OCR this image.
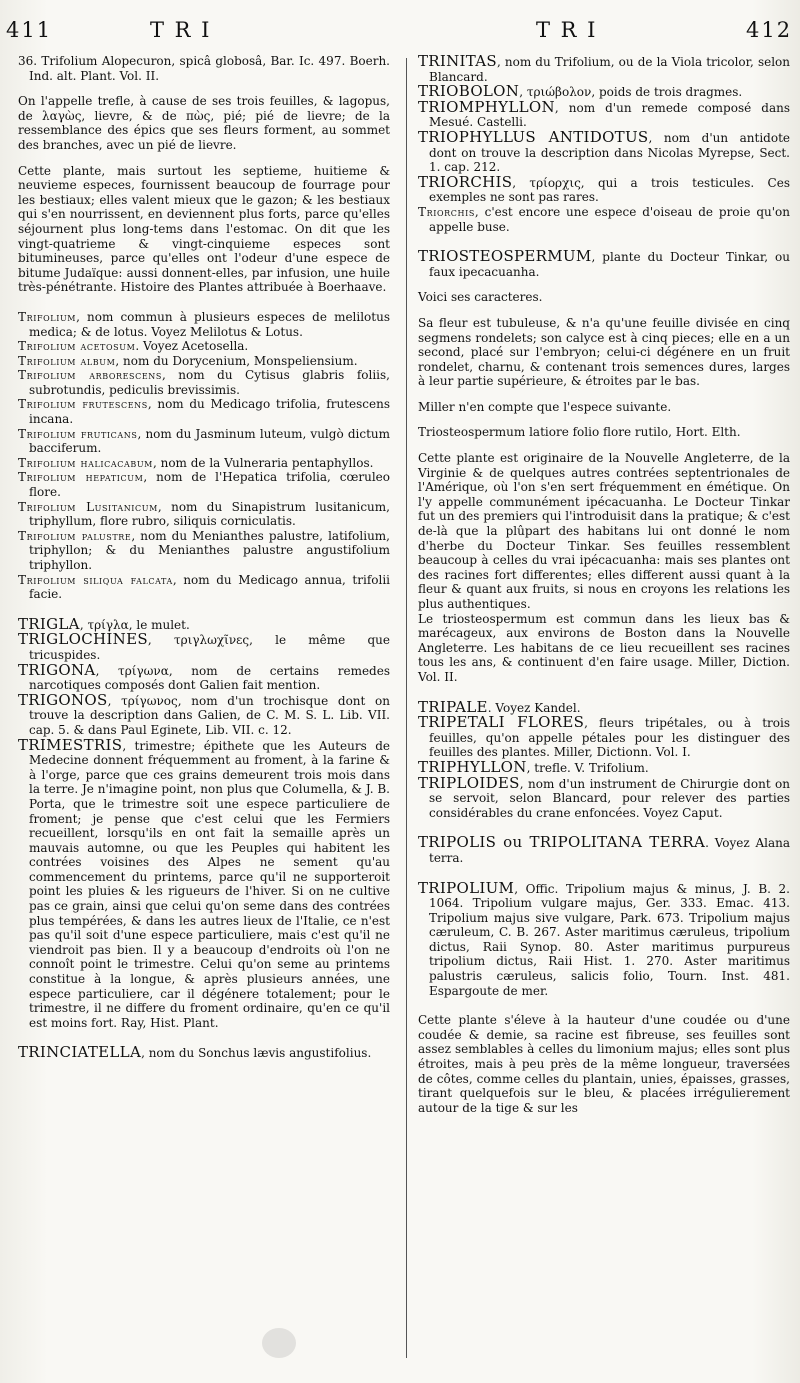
411	T R I	T R I	412

36. Trifolium Alopecuron, spicâ globosâ, Bar. Ic. 497. Boerh. Ind. alt. Plant. Vol. II.

On l'appelle trefle, à cause de ses trois feuilles, & lagopus, de λαγὼς, lievre, & de πὼς, pié; pié de lievre; de la ressemblance des épics que ses fleurs forment, au sommet des branches, avec un pié de lievre.

Cette plante, mais surtout les septieme, huitieme & neuvieme especes, fournissent beaucoup de fourrage pour les bestiaux; elles valent mieux que le gazon; & les bestiaux qui s'en nourrissent, en deviennent plus forts, parce qu'elles séjournent plus long-tems dans l'estomac. On dit que les vingt-quatrieme & vingt-cinquieme especes sont bitumineuses, parce qu'elles ont l'odeur d'une espece de bitume Judaïque: aussi donnent-elles, par infusion, une huile très-pénétrante. Histoire des Plantes attribuée à Boerhaave.

Trifolium, nom commun à plusieurs especes de melilotus medica; & de lotus. Voyez Melilotus & Lotus.

Trifolium acetosum. Voyez Acetosella.

Trifolium album, nom du Dorycenium, Monspeliensium.

Trifolium arborescens, nom du Cytisus glabris foliis, subrotundis, pediculis brevissimis.

Trifolium frutescens, nom du Medicago trifolia, frutescens incana.

Trifolium fruticans, nom du Jasminum luteum, vulgò dictum bacciferum.

Trifolium halicacabum, nom de la Vulneraria pentaphyllos.

Trifolium hepaticum, nom de l'Hepatica trifolia, cœruleo flore.

Trifolium Lusitanicum, nom du Sinapistrum lusitanicum, triphyllum, flore rubro, siliquis corniculatis.

Trifolium palustre, nom du Menianthes palustre, latifolium, triphyllon; & du Menianthes palustre angustifolium triphyllon.

Trifolium siliqua falcata, nom du Medicago annua, trifolii facie.

TRIGLA, τρίγλα, le mulet.

TRIGLOCHINES, τριγλωχῖνες, le même que tricuspides.

TRIGONA, τρίγωνα, nom de certains remedes narcotiques composés dont Galien fait mention.

TRIGONOS, τρίγωνος, nom d'un trochisque dont on trouve la description dans Galien, de C. M. S. L. Lib. VII. cap. 5. & dans Paul Eginete, Lib. VII. c. 12.

TRIMESTRIS, trimestre; épithete que les Auteurs de Medecine donnent fréquemment au froment, à la farine & à l'orge, parce que ces grains demeurent trois mois dans la terre. Je n'imagine point, non plus que Columella, & J. B. Porta, que le trimestre soit une espece particuliere de froment; je pense que c'est celui que les Fermiers recueillent, lorsqu'ils en ont fait la semaille après un mauvais automne, ou que les Peuples qui habitent les contrées voisines des Alpes ne sement qu'au commencement du printems, parce qu'il ne supporteroit point les pluies & les rigueurs de l'hiver. Si on ne cultive pas ce grain, ainsi que celui qu'on seme dans des contrées plus tempérées, & dans les autres lieux de l'Italie, ce n'est pas qu'il soit d'une espece particuliere, mais c'est qu'il ne viendroit pas bien. Il y a beaucoup d'endroits où l'on ne connoît point le trimestre. Celui qu'on seme au printems constitue à la longue, & après plusieurs années, une espece particuliere, car il dégénere totalement; pour le trimestre, il ne differe du froment ordinaire, qu'en ce qu'il est moins fort. Ray, Hist. Plant.

TRINCIATELLA, nom du Sonchus lævis angustifolius.

TRINITAS, nom du Trifolium, ou de la Viola tricolor, selon Blancard.

TRIOBOLON, τριώβολον, poids de trois dragmes.

TRIOMPHYLLON, nom d'un remede composé dans Mesué. Castelli.

TRIOPHYLLUS ANTIDOTUS, nom d'un antidote dont on trouve la description dans Nicolas Myrepse, Sect. 1. cap. 212.

TRIORCHIS, τρίορχις, qui a trois testicules. Ces exemples ne sont pas rares.

Triorchis, c'est encore une espece d'oiseau de proie qu'on appelle buse.

TRIOSTEOSPERMUM, plante du Docteur Tinkar, ou faux ipecacuanha.

Voici ses caracteres.

Sa fleur est tubuleuse, & n'a qu'une feuille divisée en cinq segmens rondelets; son calyce est à cinq pieces; elle en a un second, placé sur l'embryon; celui-ci dégénere en un fruit rondelet, charnu, & contenant trois semences dures, larges à leur partie supérieure, & étroites par le bas.

Miller n'en compte que l'espece suivante.

Triosteospermum latiore folio flore rutilo, Hort. Elth.

Cette plante est originaire de la Nouvelle Angleterre, de la Virginie & de quelques autres contrées septentrionales de l'Amérique, où l'on s'en sert fréquemment en émétique. On l'y appelle communément ipécacuanha. Le Docteur Tinkar fut un des premiers qui l'introduisit dans la pratique; & c'est de-là que la plûpart des habitans lui ont donné le nom d'herbe du Docteur Tinkar. Ses feuilles ressemblent beaucoup à celles du vrai ipécacuanha: mais ses plantes ont des racines fort differentes; elles different aussi quant à la fleur & quant aux fruits, si nous en croyons les relations les plus authentiques.

Le triosteospermum est commun dans les lieux bas & marécageux, aux environs de Boston dans la Nouvelle Angleterre. Les habitans de ce lieu recueillent ses racines tous les ans, & continuent d'en faire usage. Miller, Diction. Vol. II.

TRIPALE. Voyez Kandel.

TRIPETALI FLORES, fleurs tripétales, ou à trois feuilles, qu'on appelle pétales pour les distinguer des feuilles des plantes. Miller, Dictionn. Vol. I.

TRIPHYLLON, trefle. V. Trifolium.

TRIPLOIDES, nom d'un instrument de Chirurgie dont on se servoit, selon Blancard, pour relever des parties considérables du crane enfoncées. Voyez Caput.

TRIPOLIS ou TRIPOLITANA TERRA. Voyez Alana terra.

TRIPOLIUM, Offic. Tripolium majus & minus, J. B. 2. 1064. Tripolium vulgare majus, Ger. 333. Emac. 413. Tripolium majus sive vulgare, Park. 673. Tripolium majus cæruleum, C. B. 267. Aster maritimus cæruleus, tripolium dictus, Raii Synop. 80. Aster maritimus purpureus tripolium dictus, Raii Hist. 1. 270. Aster maritimus palustris cæruleus, salicis folio, Tourn. Inst. 481. Espargoute de mer.

Cette plante s'éleve à la hauteur d'une coudée ou d'une coudée & demie, sa racine est fibreuse, ses feuilles sont assez semblables à celles du limonium majus; elles sont plus étroites, mais à peu près de la même longueur, traversées de côtes, comme celles du plantain, unies, épaisses, grasses, tirant quelquefois sur le bleu, & placées irrégulierement autour de la tige & sur les
